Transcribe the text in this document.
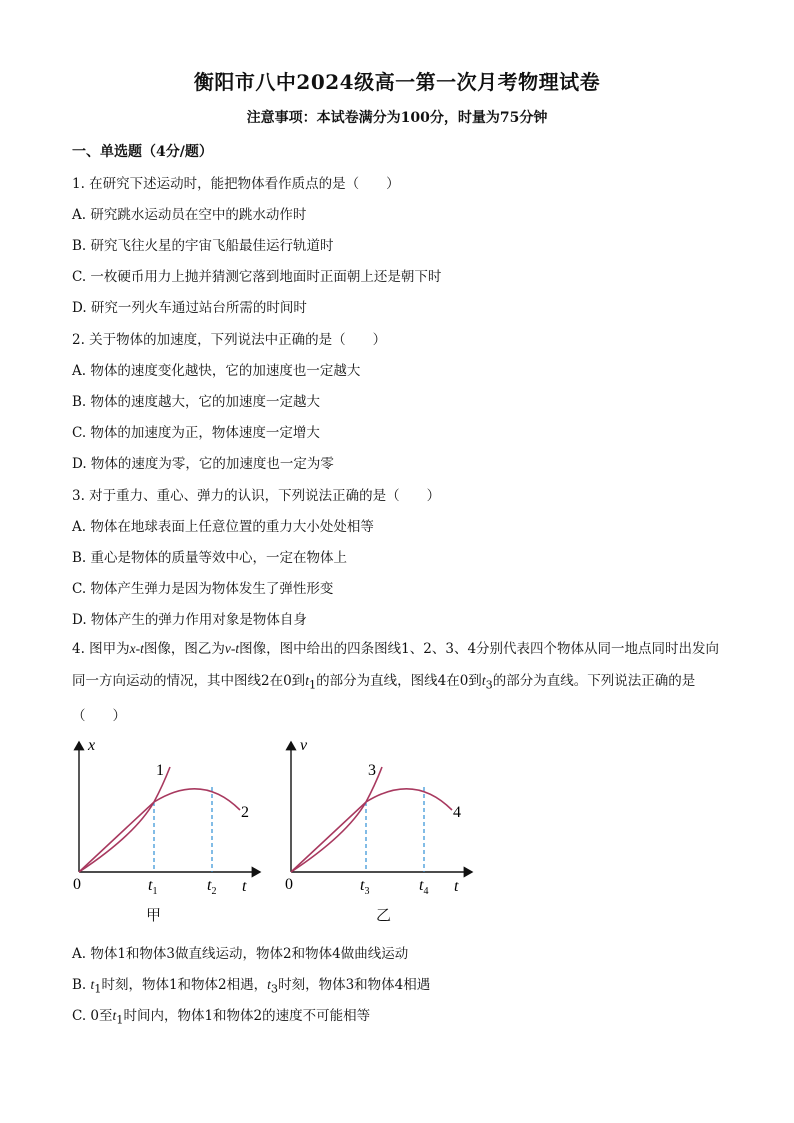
衡阳市八中2024级高一第一次月考物理试卷
注意事项：本试卷满分为100分，时量为75分钟
一、单选题（4分/题）
1. 在研究下述运动时，能把物体看作质点的是（　　）
A. 研究跳水运动员在空中的跳水动作时
B. 研究飞往火星的宇宙飞船最佳运行轨道时
C. 一枚硬币用力上抛并猜测它落到地面时正面朝上还是朝下时
D. 研究一列火车通过站台所需的时间时
2. 关于物体的加速度，下列说法中正确的是（　　）
A. 物体的速度变化越快，它的加速度也一定越大
B. 物体的速度越大，它的加速度一定越大
C. 物体的加速度为正，物体速度一定增大
D. 物体的速度为零，它的加速度也一定为零
3. 对于重力、重心、弹力的认识，下列说法正确的是（　　）
A. 物体在地球表面上任意位置的重力大小处处相等
B. 重心是物体的质量等效中心，一定在物体上
C. 物体产生弹力是因为物体发生了弹性形变
D. 物体产生的弹力作用对象是物体自身
4. 图甲为x-t图像，图乙为v-t图像，图中给出的四条图线1、2、3、4分别代表四个物体从同一地点同时出发向同一方向运动的情况，其中图线2在0到$t_1$的部分为直线，图线4在0到$t_3$的部分为直线。下列说法正确的是（　　）
x
t
0
1
2
$t_1$	$t_2$
甲
v
t
0
3
4
$t_3$	$t_4$
乙
A. 物体1和物体3做直线运动，物体2和物体4做曲线运动
B. $t_1$时刻，物体1和物体2相遇，$t_3$时刻，物体3和物体4相遇
C. 0至$t_1$时间内，物体1和物体2的速度不可能相等
